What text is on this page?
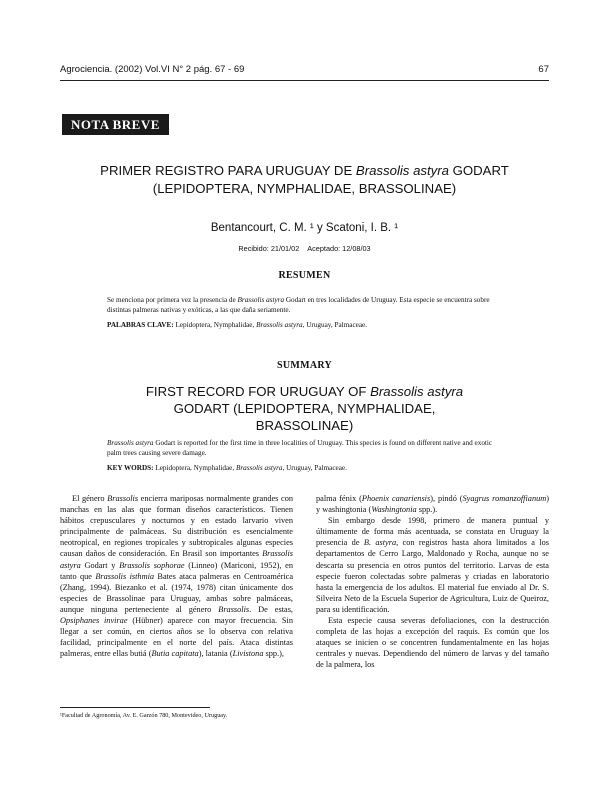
Agrociencia. (2002) Vol.VI N° 2 pág. 67 - 69	67
NOTA BREVE
PRIMER REGISTRO PARA URUGUAY DE Brassolis astyra GODART
(LEPIDOPTERA, NYMPHALIDAE, BRASSOLINAE)
Bentancourt, C. M. ¹ y Scatoni, I. B. ¹
Recibido: 21/01/02 Aceptado: 12/08/03
RESUMEN

Se menciona por primera vez la presencia de Brassolis astyra Godart en tres localidades de Uruguay. Esta especie se encuentra sobre distintas palmeras nativas y exóticas, a las que daña seriamente.

PALABRAS CLAVE: Lepidoptera, Nymphalidae, Brassolis astyra, Uruguay, Palmaceae.

SUMMARY
FIRST RECORD FOR URUGUAY OF Brassolis astyra
GODART (LEPIDOPTERA, NYMPHALIDAE,
BRASSOLINAE)

Brassolis astyra Godart is reported for the first time in three localities of Uruguay. This species is found on different native and exotic palm trees causing severe damage.

KEY WORDS: Lepidoptera, Nymphalidae, Brassolis astyra, Uruguay, Palmaceae.

El género Brassolis encierra mariposas normalmente grandes con manchas en las alas que forman diseños característicos. Tienen hábitos crepusculares y nocturnos y en estado larvario viven principalmente de palmáceas. Su distribución es esencialmente neotropical, en regiones tropicales y subtropicales algunas especies causan daños de consideración. En Brasil son importantes Brassolis astyra Godart y Brassolis sophorae (Linneo) (Mariconi, 1952), en tanto que Brassolis isthmia Bates ataca palmeras en Centroamérica (Zhang, 1994). Biezanko et al. (1974, 1978) citan únicamente dos especies de Brassolinae para Uruguay, ambas sobre palmáceas, aunque ninguna perteneciente al género Brassolis. De estas, Opsiphanes invirae (Hübner) aparece con mayor frecuencia. Sin llegar a ser común, en ciertos años se lo observa con relativa facilidad, principalmente en el norte del país. Ataca distintas palmeras, entre ellas butiá (Butia capitata), latania (Livistona spp.),

palma fénix (Phoenix canariensis), pindó (Syagrus romanzoffianum) y washingtonia (Washingtonia spp.).

Sin embargo desde 1998, primero de manera puntual y últimamente de forma más acentuada, se constata en Uruguay la presencia de B. astyra, con registros hasta ahora limitados a los departamentos de Cerro Largo, Maldonado y Rocha, aunque no se descarta su presencia en otros puntos del territorio. Larvas de esta especie fueron colectadas sobre palmeras y criadas en laboratorio hasta la emergencia de los adultos. El material fue enviado al Dr. S. Silveira Neto de la Escuela Superior de Agricultura, Luiz de Queiroz, para su identificación.

Esta especie causa severas defoliaciones, con la destrucción completa de las hojas a excepción del raquis. Es común que los ataques se inicien o se concentren fundamentalmente en las hojas centrales y nuevas. Dependiendo del número de larvas y del tamaño de la palmera, los

¹Facultad de Agronomía, Av. E. Garzón 780, Montevideo, Uruguay.
